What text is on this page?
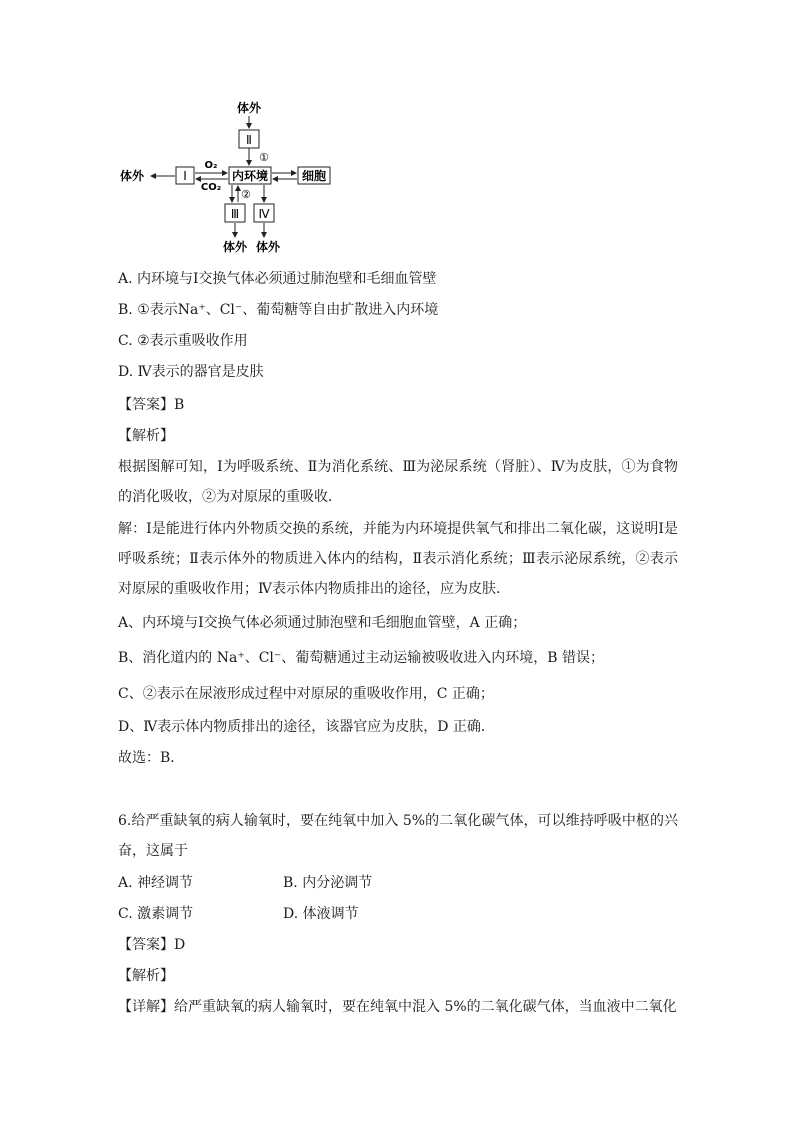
体外
Ⅱ
①
内环境
Ⅰ
O₂
CO₂
体外	细胞
②
Ⅲ Ⅳ
体外 体外
A. 内环境与Ⅰ交换气体必须通过肺泡壁和毛细血管壁
B. ①表示Na⁺、Cl⁻、葡萄糖等自由扩散进入内环境
C. ②表示重吸收作用
D. Ⅳ表示的器官是皮肤
【答案】B
【解析】
根据图解可知，Ⅰ为呼吸系统、Ⅱ为消化系统、Ⅲ为泌尿系统（肾脏）、Ⅳ为皮肤，①为食物的消化吸收，②为对原尿的重吸收．
解：Ⅰ是能进行体内外物质交换的系统，并能为内环境提供氧气和排出二氧化碳，这说明Ⅰ是呼吸系统；Ⅱ表示体外的物质进入体内的结构，Ⅱ表示消化系统；Ⅲ表示泌尿系统，②表示对原尿的重吸收作用；Ⅳ表示体内物质排出的途径，应为皮肤．
A、内环境与Ⅰ交换气体必须通过肺泡壁和毛细胞血管壁，A 正确；
B、消化道内的 Na⁺、Cl⁻、葡萄糖通过主动运输被吸收进入内环境，B 错误；
C、②表示在尿液形成过程中对原尿的重吸收作用，C 正确；
D、Ⅳ表示体内物质排出的途径，该器官应为皮肤，D 正确．
故选：B．
6.给严重缺氧的病人输氧时，要在纯氧中加入 5%的二氧化碳气体，可以维持呼吸中枢的兴奋，这属于
A. 神经调节	B. 内分泌调节
C. 激素调节	D. 体液调节
【答案】D
【解析】
【详解】给严重缺氧的病人输氧时，要在纯氧中混入 5%的二氧化碳气体，当血液中二氧化
